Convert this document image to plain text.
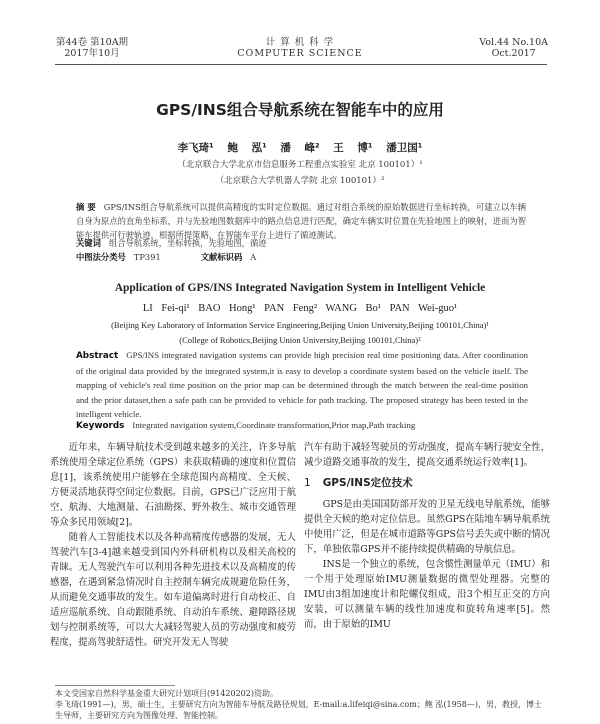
第44卷 第10A期
2017年10月
计 算 机 科 学
COMPUTER SCIENCE
Vol.44 No.10A
Oct.2017
GPS/INS组合导航系统在智能车中的应用
李飞琦¹ 鲍 泓¹ 潘 峰² 王 博¹ 潘卫国¹
（北京联合大学北京市信息服务工程重点实验室 北京 100101）¹
（北京联合大学机器人学院 北京 100101）²
摘 要 GPS/INS组合导航系统可以提供高精度的实时定位数据。通过对组合系统的原始数据进行坐标转换，可建立以车辆自身为原点的直角坐标系，并与先验地图数据库中的路点信息进行匹配，确定车辆实时位置在先验地图上的映射，进而为智能车提供可行驶轨迹。根据所提策略，在智能车平台上进行了循迹测试。
关键词 组合导航系统，坐标转换，先验地图，循迹
中图法分类号 TP391	文献标识码 A
Application of GPS/INS Integrated Navigation System in Intelligent Vehicle
LI Fei-qi¹ BAO Hong¹ PAN Feng² WANG Bo¹ PAN Wei-guo¹
(Beijing Key Laboratory of Information Service Engineering,Beijing Union University,Beijing 100101,China)¹
(College of Robotics,Beijing Union University,Beijing 100101,China)²
Abstract GPS/INS integrated navigation systems can provide high precision real time positioning data. After coordination of the original data provided by the integrated system,it is easy to develop a coordinate system based on the vehicle itself. The mapping of vehicle's real time position on the prior map can be determined through the match between the real-time position and the prior dataset,then a safe path can be provided to vehicle for path tracking. The proposed strategy has been tested in the intelligent vehicle.
Keywords Integrated navigation system,Coordinate transformation,Prior map,Path tracking

近年来，车辆导航技术受到越来越多的关注，许多导航系统使用全球定位系统（GPS）来获取精确的速度和位置信息[1]，该系统使用户能够在全球范围内高精度、全天候、方便灵活地获得空间定位数据。目前，GPS已广泛应用于航空、航海、大地测量、石油勘探、野外救生、城市交通管理等众多民用领域[2]。

随着人工智能技术以及各种高精度传感器的发展，无人驾驶汽车[3-4]越来越受到国内外科研机构以及相关高校的青睐。无人驾驶汽车可以利用各种先进技术以及高精度的传感器，在遇到紧急情况时自主控制车辆完成规避危险任务，从而避免交通事故的发生。如车道偏离时进行自动校正、自适应巡航系统、自动跟随系统、自动泊车系统、避障路径规划与控制系统等，可以大大减轻驾驶人员的劳动强度和疲劳程度，提高驾驶舒适性。研究开发无人驾驶

汽车有助于减轻驾驶员的劳动强度，提高车辆行驶安全性，减少道路交通事故的发生，提高交通系统运行效率[1]。

1 GPS/INS定位技术

GPS是由美国国防部开发的卫星无线电导航系统，能够提供全天候的绝对定位信息。虽然GPS在陆地车辆导航系统中使用广泛，但是在城市道路等GPS信号丢失或中断的情况下，单独依靠GPS并不能持续提供精确的导航信息。

INS是一个独立的系统，包含惯性测量单元（IMU）和一个用于处理原始IMU测量数据的微型处理器。完整的IMU由3组加速度计和陀螺仪组成，沿3个相互正交的方向安装，可以测量车辆的线性加速度和旋转角速率[5]。然而，由于原始的IMU

本文受国家自然科学基金重大研究计划项目(91420202)资助。
李飞琦(1991—)，男，硕士生，主要研究方向为智能车导航及路径规划，E-mail:a.lifeiqi@sina.com；鲍 泓(1958—)，男，教授，博士生导师，主要研究方向为图像处理、智能控制。
